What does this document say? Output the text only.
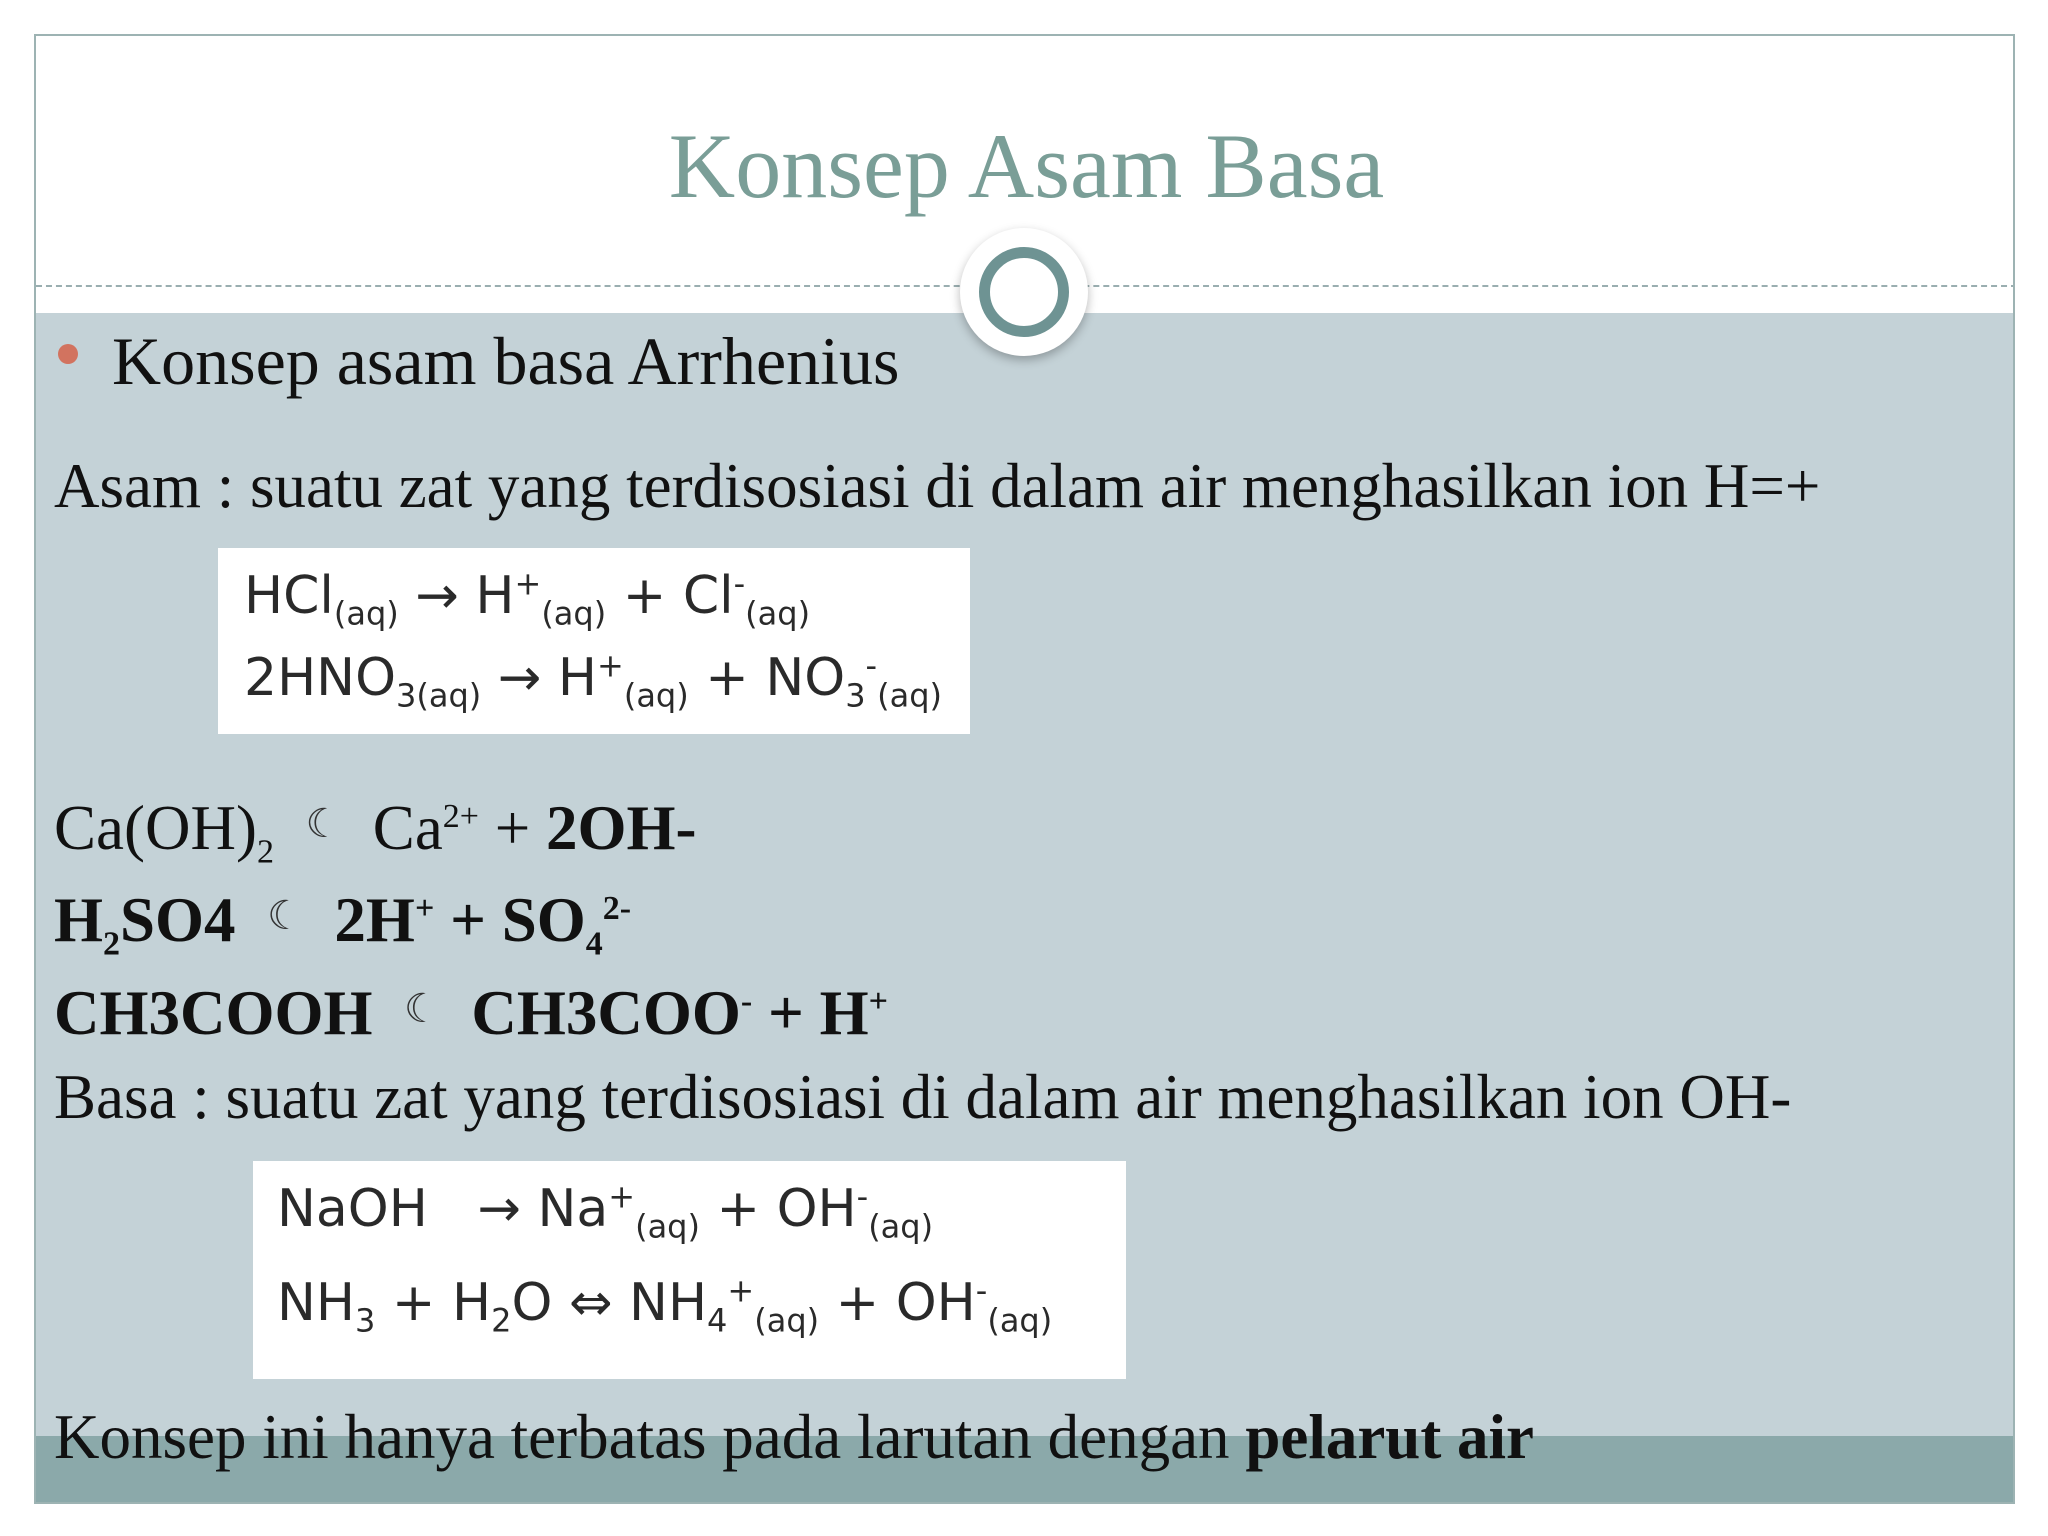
Konsep Asam Basa
Konsep asam basa Arrhenius
Asam : suatu zat yang terdisosiasi di dalam air menghasilkan ion H=+
$HCl_{(aq)} \to H^+_{(aq)} + Cl^-_{(aq)}$
$2HNO_{3(aq)} \to H^+_{(aq)} + NO_3^-_{(aq)}$
$Ca(OH)_2$  ☾ $Ca^{2+} + 2OH-$
$H_2SO4$ ☾ $2H^+ + SO_4^{2-}$
CH3COOH ☾ CH3COO- + H+
Basa : suatu zat yang terdisosiasi di dalam air menghasilkan ion OH-
NaOH → $Na^+_{(aq)} + OH^-_{(aq)}$
$NH_3 + H_2O$ ⇔ $NH_4^+_{(aq)} + OH^-_{(aq)}$
Konsep ini hanya terbatas pada larutan dengan pelarut air
